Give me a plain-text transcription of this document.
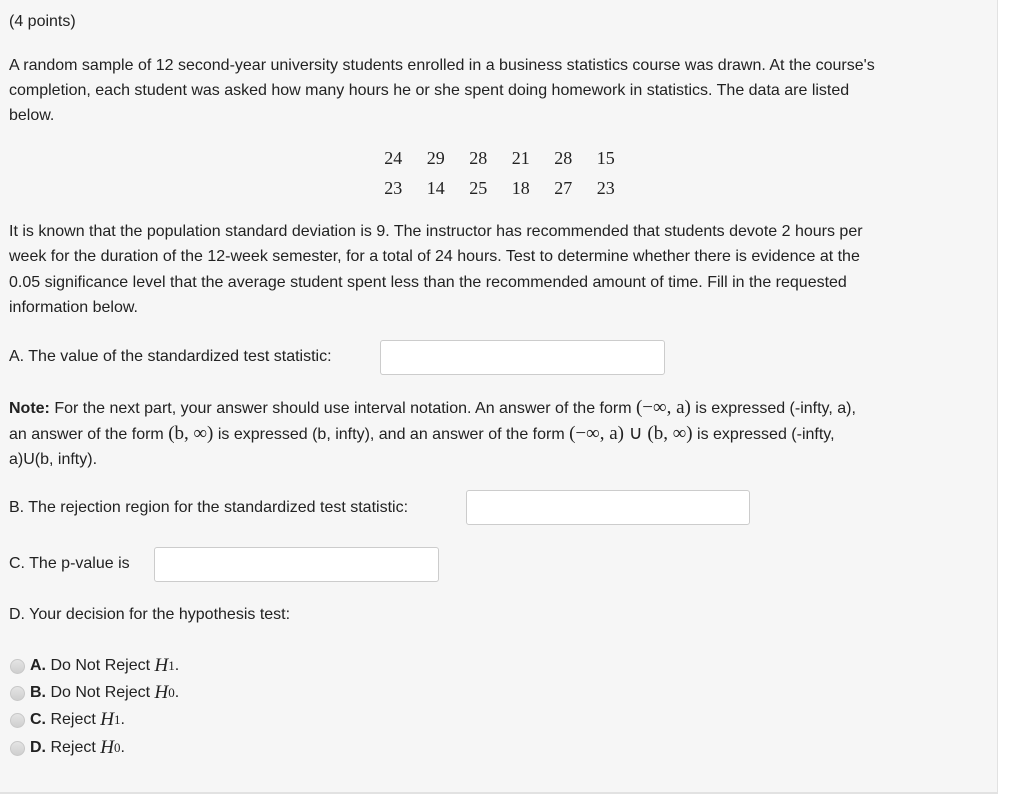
(4 points)
A random sample of 12 second-year university students enrolled in a business statistics course was drawn. At the course's
completion, each student was asked how many hours he or she spent doing homework in statistics. The data are listed
below.
24 29 28 21 28 15
23 14 25 18 27 23
It is known that the population standard deviation is 9. The instructor has recommended that students devote 2 hours per
week for the duration of the 12-week semester, for a total of 24 hours. Test to determine whether there is evidence at the
0.05 significance level that the average student spent less than the recommended amount of time. Fill in the requested
information below.
A. The value of the standardized test statistic:
Note: For the next part, your answer should use interval notation. An answer of the form (−∞, a) is expressed (-infty, a),
an answer of the form (b, ∞) is expressed (b, infty), and an answer of the form (−∞, a) ∪ (b, ∞) is expressed (-infty,
a)U(b, infty).
B. The rejection region for the standardized test statistic:
C. The p-value is
D. Your decision for the hypothesis test:
A. Do Not Reject H 1 .
B. Do Not Reject H 0 .
C. Reject H 1 .
D. Reject H 0 .
